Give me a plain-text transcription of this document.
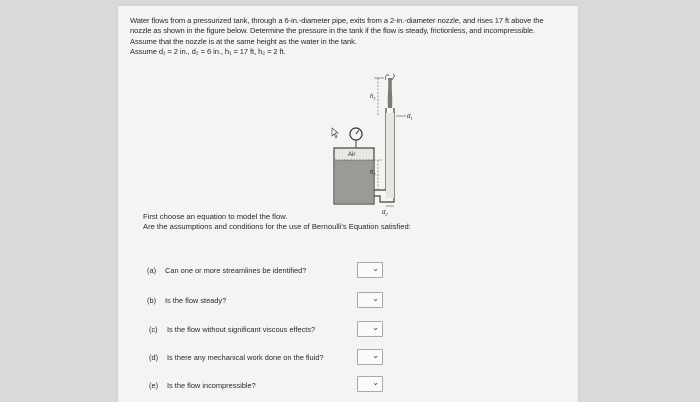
Water flows from a pressurized tank, through a 6-in.-diameter pipe, exits from a 2-in.-diameter nozzle, and rises 17 ft above the

nozzle as shown in the figure below. Determine the pressure in the tank if the flow is steady, frictionless, and incompressible.

Assume that the nozzle is at the same height as the water in the tank.

Assume d₁ = 2 in., d₂ = 6 in., h₁ = 17 ft, h₂ = 2 ft.

Air
$h_1$
$h_2$
$d_1$
$d_2$

First choose an equation to model the flow.

Are the assumptions and conditions for the use of Bernoulli's Equation satisfied:

(a) Can one or more streamlines be identified?	⌄
(b) Is the flow steady?	⌄
(c) Is the flow without significant viscous effects?	⌄
(d) Is there any mechanical work done on the fluid?	⌄
(e) Is the flow incompressible?	⌄
